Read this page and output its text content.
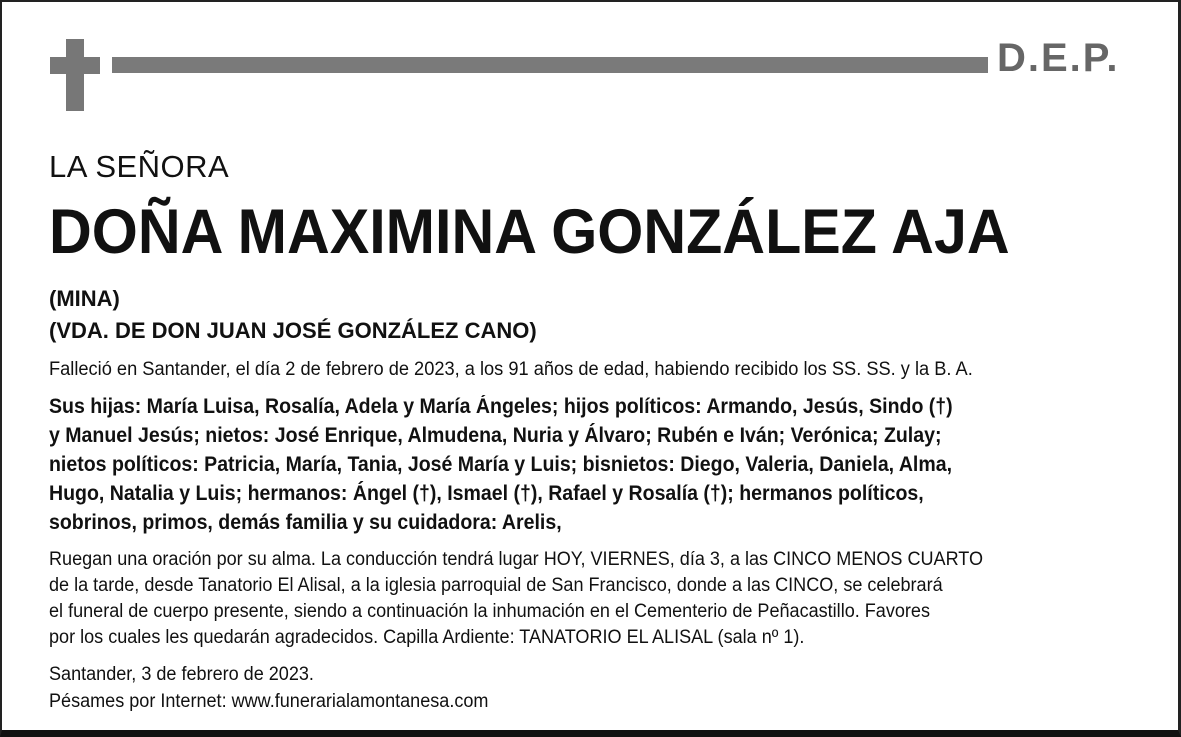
D.E.P.
LA SEÑORA
DOÑA MAXIMINA GONZÁLEZ AJA
(MINA)
(VDA. DE DON JUAN JOSÉ GONZÁLEZ CANO)
Falleció en Santander, el día 2 de febrero de 2023, a los 91 años de edad, habiendo recibido los SS. SS. y la B. A.

Sus hijas: María Luisa, Rosalía, Adela y María Ángeles; hijos políticos: Armando, Jesús, Sindo (†)

y Manuel Jesús; nietos: José Enrique, Almudena, Nuria y Álvaro; Rubén e Iván; Verónica; Zulay;

nietos políticos: Patricia, María, Tania, José María y Luis; bisnietos: Diego, Valeria, Daniela, Alma,

Hugo, Natalia y Luis; hermanos: Ángel (†), Ismael (†), Rafael y Rosalía (†); hermanos políticos,

sobrinos, primos, demás familia y su cuidadora: Arelis,

Ruegan una oración por su alma. La conducción tendrá lugar HOY, VIERNES, día 3, a las CINCO MENOS CUARTO

de la tarde, desde Tanatorio El Alisal, a la iglesia parroquial de San Francisco, donde a las CINCO, se celebrará

el funeral de cuerpo presente, siendo a continuación la inhumación en el Cementerio de Peñacastillo. Favores

por los cuales les quedarán agradecidos. Capilla Ardiente: TANATORIO EL ALISAL (sala nº 1).

Santander, 3 de febrero de 2023.
Pésames por Internet: www.funerarialamontanesa.com
